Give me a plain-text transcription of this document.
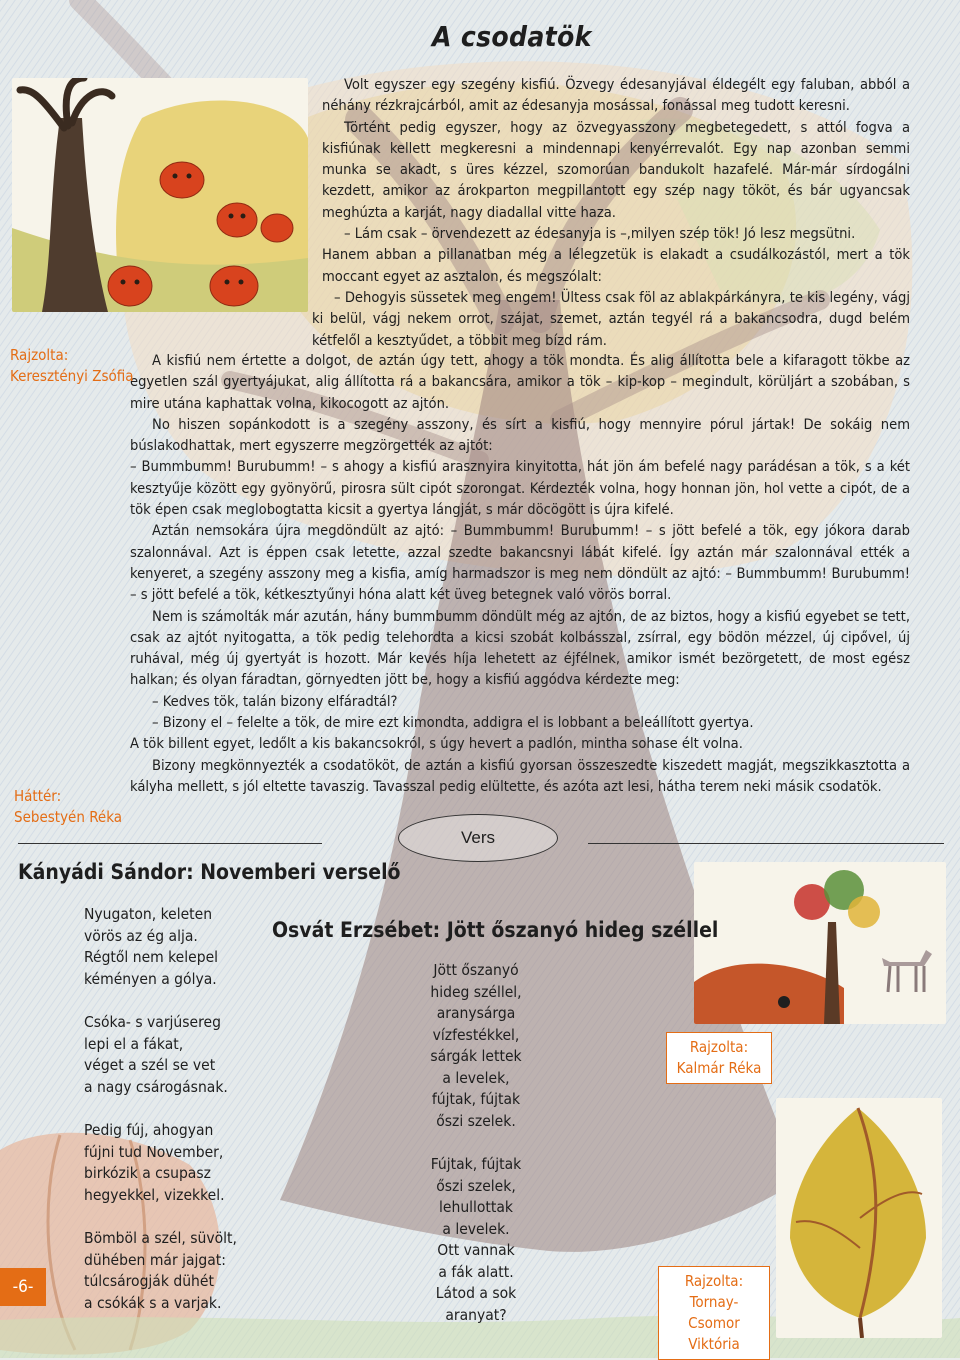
A csodatök

Volt egyszer egy szegény kisfiú. Özvegy édesanyjával éldegélt egy faluban, abból a néhány rézkrajcárból, amit az édesanyja mosással, fonással meg tudott keresni.

Történt pedig egyszer, hogy az özvegyasszony megbetegedett, s attól fogva a kisfiúnak kellett megkeresni a mindennapi kenyérrevalót. Egy nap azonban semmi munka se akadt, s üres kézzel, szomorúan bandukolt hazafelé. Már-már sírdogálni kezdett, amikor az árokparton megpillantott egy szép nagy tököt, és bár ugyancsak meghúzta a karját, nagy diadallal vitte haza.

– Lám csak – örvendezett az édesanyja is –,milyen szép tök! Jó lesz megsütni.

Hanem abban a pillanatban még a lélegzetük is elakadt a csudálkozástól, mert a tök moccant egyet az asztalon, és megszólalt:

– Dehogyis süssetek meg engem! Ültess csak föl az ablakpárkányra, te kis legény, vágj ki belül, vágj nekem orrot, szájat, szemet, aztán tegyél rá a bakancsodra, dugd belém kétfelől a kesztyűdet, a többit meg bízd rám.

A kisfiú nem értette a dolgot, de aztán úgy tett, ahogy a tök mondta. És alig állította bele a kifaragott tökbe az egyetlen szál gyertyájukat, alig állította rá a bakancsára, amikor a tök – kip-kop – megindult, körüljárt a szobában, s mire utána kaphattak volna, kikocogott az ajtón.

No hiszen sopánkodott is a szegény asszony, és sírt a kisfiú, hogy mennyire pórul jártak! De sokáig nem búslakodhattak, mert egyszerre megzörgették az ajtót:

– Bummbumm! Burubumm! – s ahogy a kisfiú arasznyira kinyitotta, hát jön ám befelé nagy parádésan a tök, s a két kesztyűje között egy gyönyörű, pirosra sült cipót szorongat. Kérdezték volna, hogy honnan jön, hol vette a cipót, de a tök épen csak meglobogtatta kicsit a gyertya lángját, s már döcögött is újra kifelé.

Aztán nemsokára újra megdöndült az ajtó: – Bummbumm! Burubumm! – s jött befelé a tök, egy jókora darab szalonnával. Azt is éppen csak letette, azzal szedte bakancsnyi lábát kifelé. Így aztán már szalonnával ették a kenyeret, a szegény asszony meg a kisfia, amíg harmadszor is meg nem döndült az ajtó: – Bummbumm! Burubumm! – s jött befelé a tök, kétkesztyűnyi hóna alatt két üveg betegnek való vörös borral.

Nem is számolták már azután, hány bummbumm döndült még az ajtón, de az biztos, hogy a kisfiú egyebet se tett, csak az ajtót nyitogatta, a tök pedig telehordta a kicsi szobát kolbásszal, zsírral, egy bödön mézzel, új cipővel, új ruhával, még új gyertyát is hozott. Már kevés híja lehetett az éjfélnek, amikor ismét bezörgetett, de most egész halkan; és olyan fáradtan, görnyedten jött be, hogy a kisfiú aggódva kérdezte meg:

– Kedves tök, talán bizony elfáradtál?

– Bizony el – felelte a tök, de mire ezt kimondta, addigra el is lobbant a beleállított gyertya.

A tök billent egyet, ledőlt a kis bakancsokról, s úgy hevert a padlón, mintha sohase élt volna.

Bizony megkönnyezték a csodatököt, de aztán a kisfiú gyorsan összeszedte kiszedett magját, megszikkasztotta a kályha mellett, s jól eltette tavaszig. Tavasszal pedig elültette, és azóta azt lesi, hátha terem neki másik csodatök.

Rajzolta:
Keresztényi Zsófia
Háttér:
Sebestyén Réka
Rajzolta:
Kalmár Réka
Rajzolta:
Tornay-Csomor
Viktória
Vers
Kányádi Sándor: Novemberi verselő
Nyugaton, keleten
vörös az ég alja.
Régtől nem kelepel
kéményen a gólya.
Csóka- s varjúsereg
lepi el a fákat,
véget a szél se vet
a nagy csárogásnak.
Pedig fúj, ahogyan
fújni tud November,
birkózik a csupasz
hegyekkel, vizekkel.
Bömböl a szél, süvölt,
dühében már jajgat:
túlcsárogják dühét
a csókák s a varjak.
Osvát Erzsébet: Jött őszanyó hideg széllel
Jött őszanyó
hideg széllel,
aranysárga
vízfestékkel,
sárgák lettek
a levelek,
fújtak, fújtak
őszi szelek.
Fújtak, fújtak
őszi szelek,
lehullottak
a levelek.
Ott vannak
a fák alatt.
Látod a sok
aranyat?
-6-
